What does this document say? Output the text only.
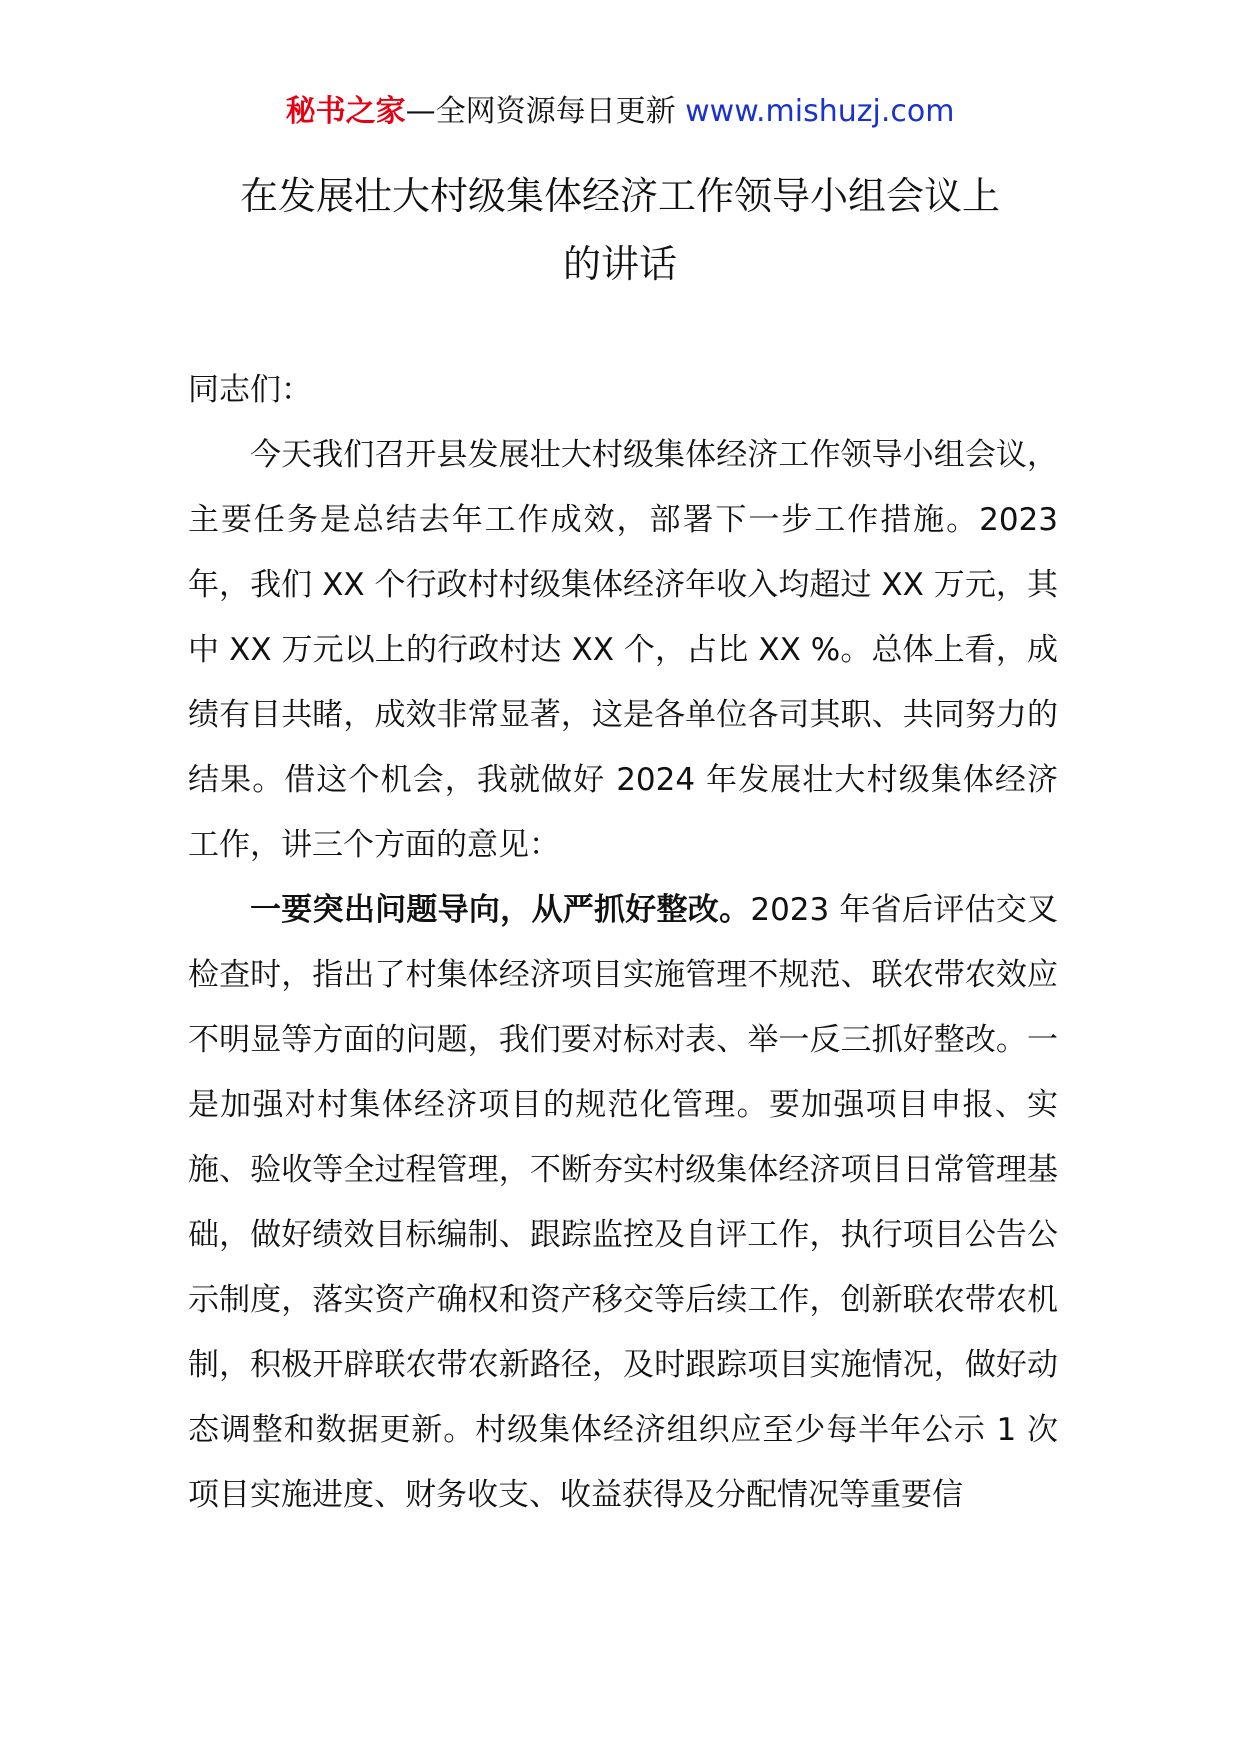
秘书之家—全网资源每日更新 www.mishuzj.com
在发展壮大村级集体经济工作领导小组会议上
的讲话

同志们：

今天我们召开县发展壮大村级集体经济工作领导小组会议，主要任务是总结去年工作成效，部署下一步工作措施。2023 年，我们 XX 个行政村村级集体经济年收入均超过 XX 万元，其中 XX 万元以上的行政村达 XX 个，占比 XX %。总体上看，成绩有目共睹，成效非常显著，这是各单位各司其职、共同努力的结果。借这个机会，我就做好 2024 年发展壮大村级集体经济工作，讲三个方面的意见：

一要突出问题导向，从严抓好整改。2023 年省后评估交叉检查时，指出了村集体经济项目实施管理不规范、联农带农效应不明显等方面的问题，我们要对标对表、举一反三抓好整改。一是加强对村集体经济项目的规范化管理。要加强项目申报、实施、验收等全过程管理，不断夯实村级集体经济项目日常管理基础，做好绩效目标编制、跟踪监控及自评工作，执行项目公告公示制度，落实资产确权和资产移交等后续工作，创新联农带农机制，积极开辟联农带农新路径，及时跟踪项目实施情况，做好动态调整和数据更新。村级集体经济组织应至少每半年公示 1 次项目实施进度、财务收支、收益获得及分配情况等重要信
